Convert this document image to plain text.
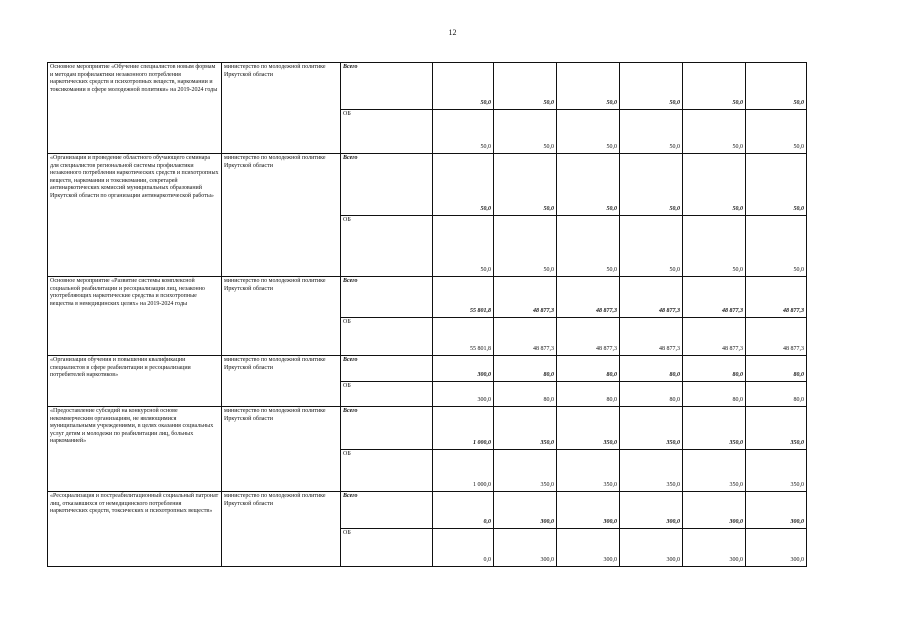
12
Основное мероприятие «Обучение специалистов новым формам и методам профилактики незаконного потребления наркотических средств и психотропных веществ, наркомании и токсикомании в сфере молодежной политики» на 2019-2024 годы	министерство по молодежной политике Иркутской области	Всего	50,0	50,0	50,0	50,0	50,0	50,0
		ОБ	50,0	50,0	50,0	50,0	50,0	50,0
«Организация и проведение областного обучающего семинара для специалистов региональной системы профилактики незаконного потребления наркотических средств и психотропных веществ, наркомании и токсикомании, секретарей антинаркотических комиссий муниципальных образований Иркутской области по организации антинаркотической работы»	министерство по молодежной политике Иркутской области	Всего	50,0	50,0	50,0	50,0	50,0	50,0
		ОБ	50,0	50,0	50,0	50,0	50,0	50,0
Основное мероприятие «Развитие системы комплексной социальной реабилитации и ресоциализации лиц, незаконно употребляющих наркотические средства и психотропные вещества в немедицинских целях» на 2019-2024 годы	министерство по молодежной политике Иркутской области	Всего	55 801,8	48 877,3	48 877,3	48 877,3	48 877,3	48 877,3
		ОБ	55 801,8	48 877,3	48 877,3	48 877,3	48 877,3	48 877,3
«Организация обучения и повышения квалификации специалистов в сфере реабилитации и ресоциализации потребителей наркотиков»	министерство по молодежной политике Иркутской области	Всего	300,0	80,0	80,0	80,0	80,0	80,0
		ОБ	300,0	80,0	80,0	80,0	80,0	80,0
«Предоставление субсидий на конкурсной основе некоммерческим организациям, не являющимися муниципальными учреждениями, в целях оказания социальных услуг детям и молодежи по реабилитации лиц, больных наркоманией»	министерство по молодежной политике Иркутской области	Всего	1 000,0	350,0	350,0	350,0	350,0	350,0
		ОБ	1 000,0	350,0	350,0	350,0	350,0	350,0
«Ресоциализация и постреабилитационный социальный патронат лиц, отказавшихся от немедицинского потребления наркотических средств, токсических и психотропных веществ»	министерство по молодежной политике Иркутской области	Всего	0,0	300,0	300,0	300,0	300,0	300,0
		ОБ	0,0	300,0	300,0	300,0	300,0	300,0
